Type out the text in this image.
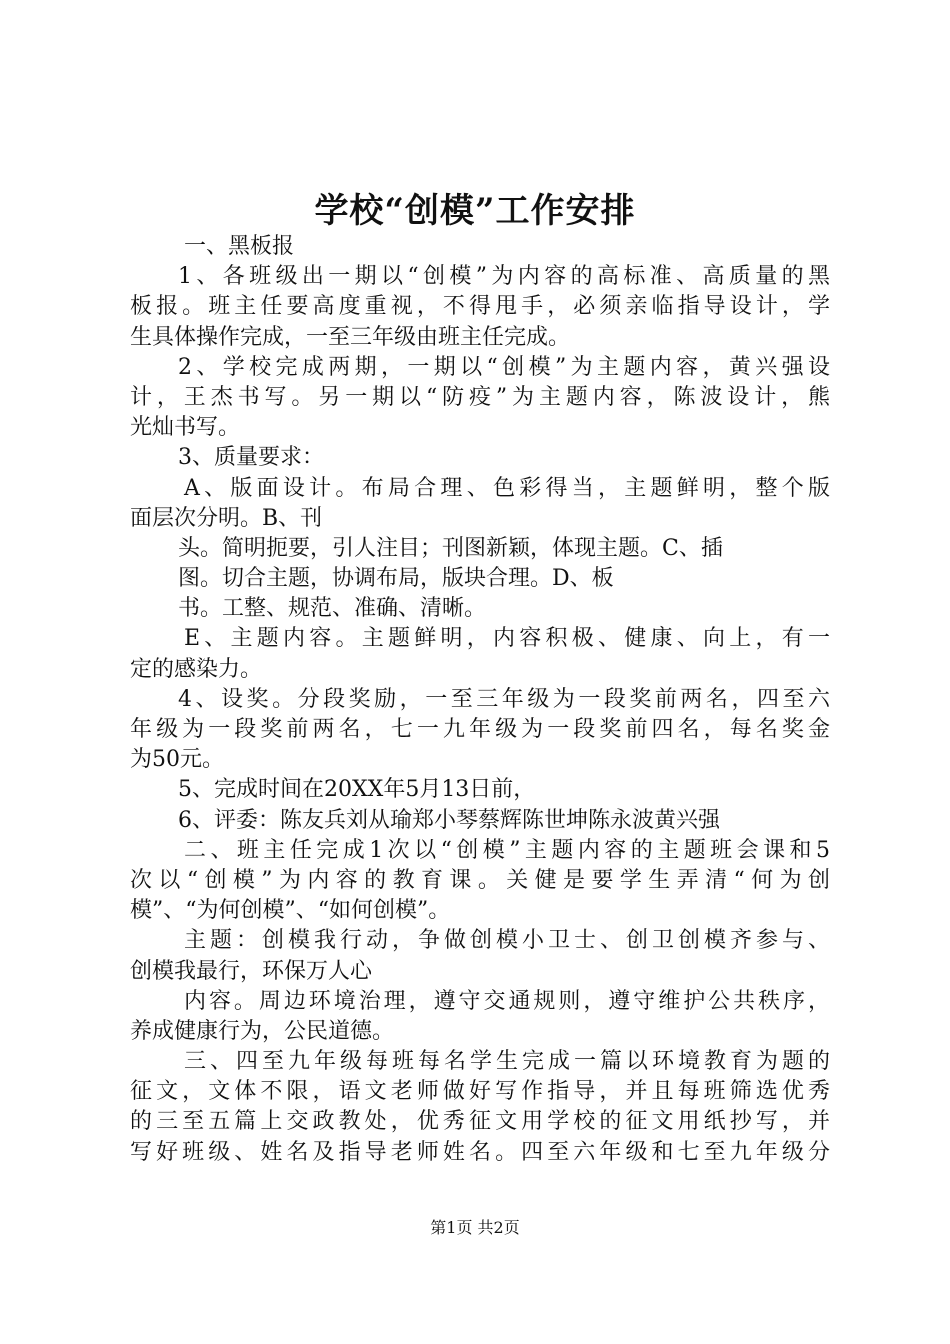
学校“创模”工作安排
一、黑板报
1、各班级出一期以“创模”为内容的高标准、高质量的黑
板报。班主任要高度重视，不得甩手，必须亲临指导设计，学
生具体操作完成，一至三年级由班主任完成。
2、学校完成两期，一期以“创模”为主题内容，黄兴强设
计，王杰书写。另一期以“防疫”为主题内容，陈波设计，熊
光灿书写。
3、质量要求：
A、版面设计。布局合理、色彩得当，主题鲜明，整个版
面层次分明。B、刊
头。简明扼要，引人注目；刊图新颖，体现主题。C、插
图。切合主题，协调布局，版块合理。D、板
书。工整、规范、准确、清晰。
E、主题内容。主题鲜明，内容积极、健康、向上，有一
定的感染力。
4、设奖。分段奖励，一至三年级为一段奖前两名，四至六
年级为一段奖前两名，七一九年级为一段奖前四名，每名奖金
为50元。
5、完成时间在20XX年5月13日前，
6、评委：陈友兵刘从瑜郑小琴蔡辉陈世坤陈永波黄兴强
二、班主任完成1次以“创模”主题内容的主题班会课和5
次以“创模”为内容的教育课。关健是要学生弄清“何为创
模”、“为何创模”、“如何创模”。
主题：创模我行动，争做创模小卫士、创卫创模齐参与、
创模我最行，环保万人心
内容。周边环境治理，遵守交通规则，遵守维护公共秩序，
养成健康行为，公民道德。
三、四至九年级每班每名学生完成一篇以环境教育为题的
征文，文体不限，语文老师做好写作指导，并且每班筛选优秀
的三至五篇上交政教处，优秀征文用学校的征文用纸抄写，并
写好班级、姓名及指导老师姓名。四至六年级和七至九年级分
第1页 共2页
